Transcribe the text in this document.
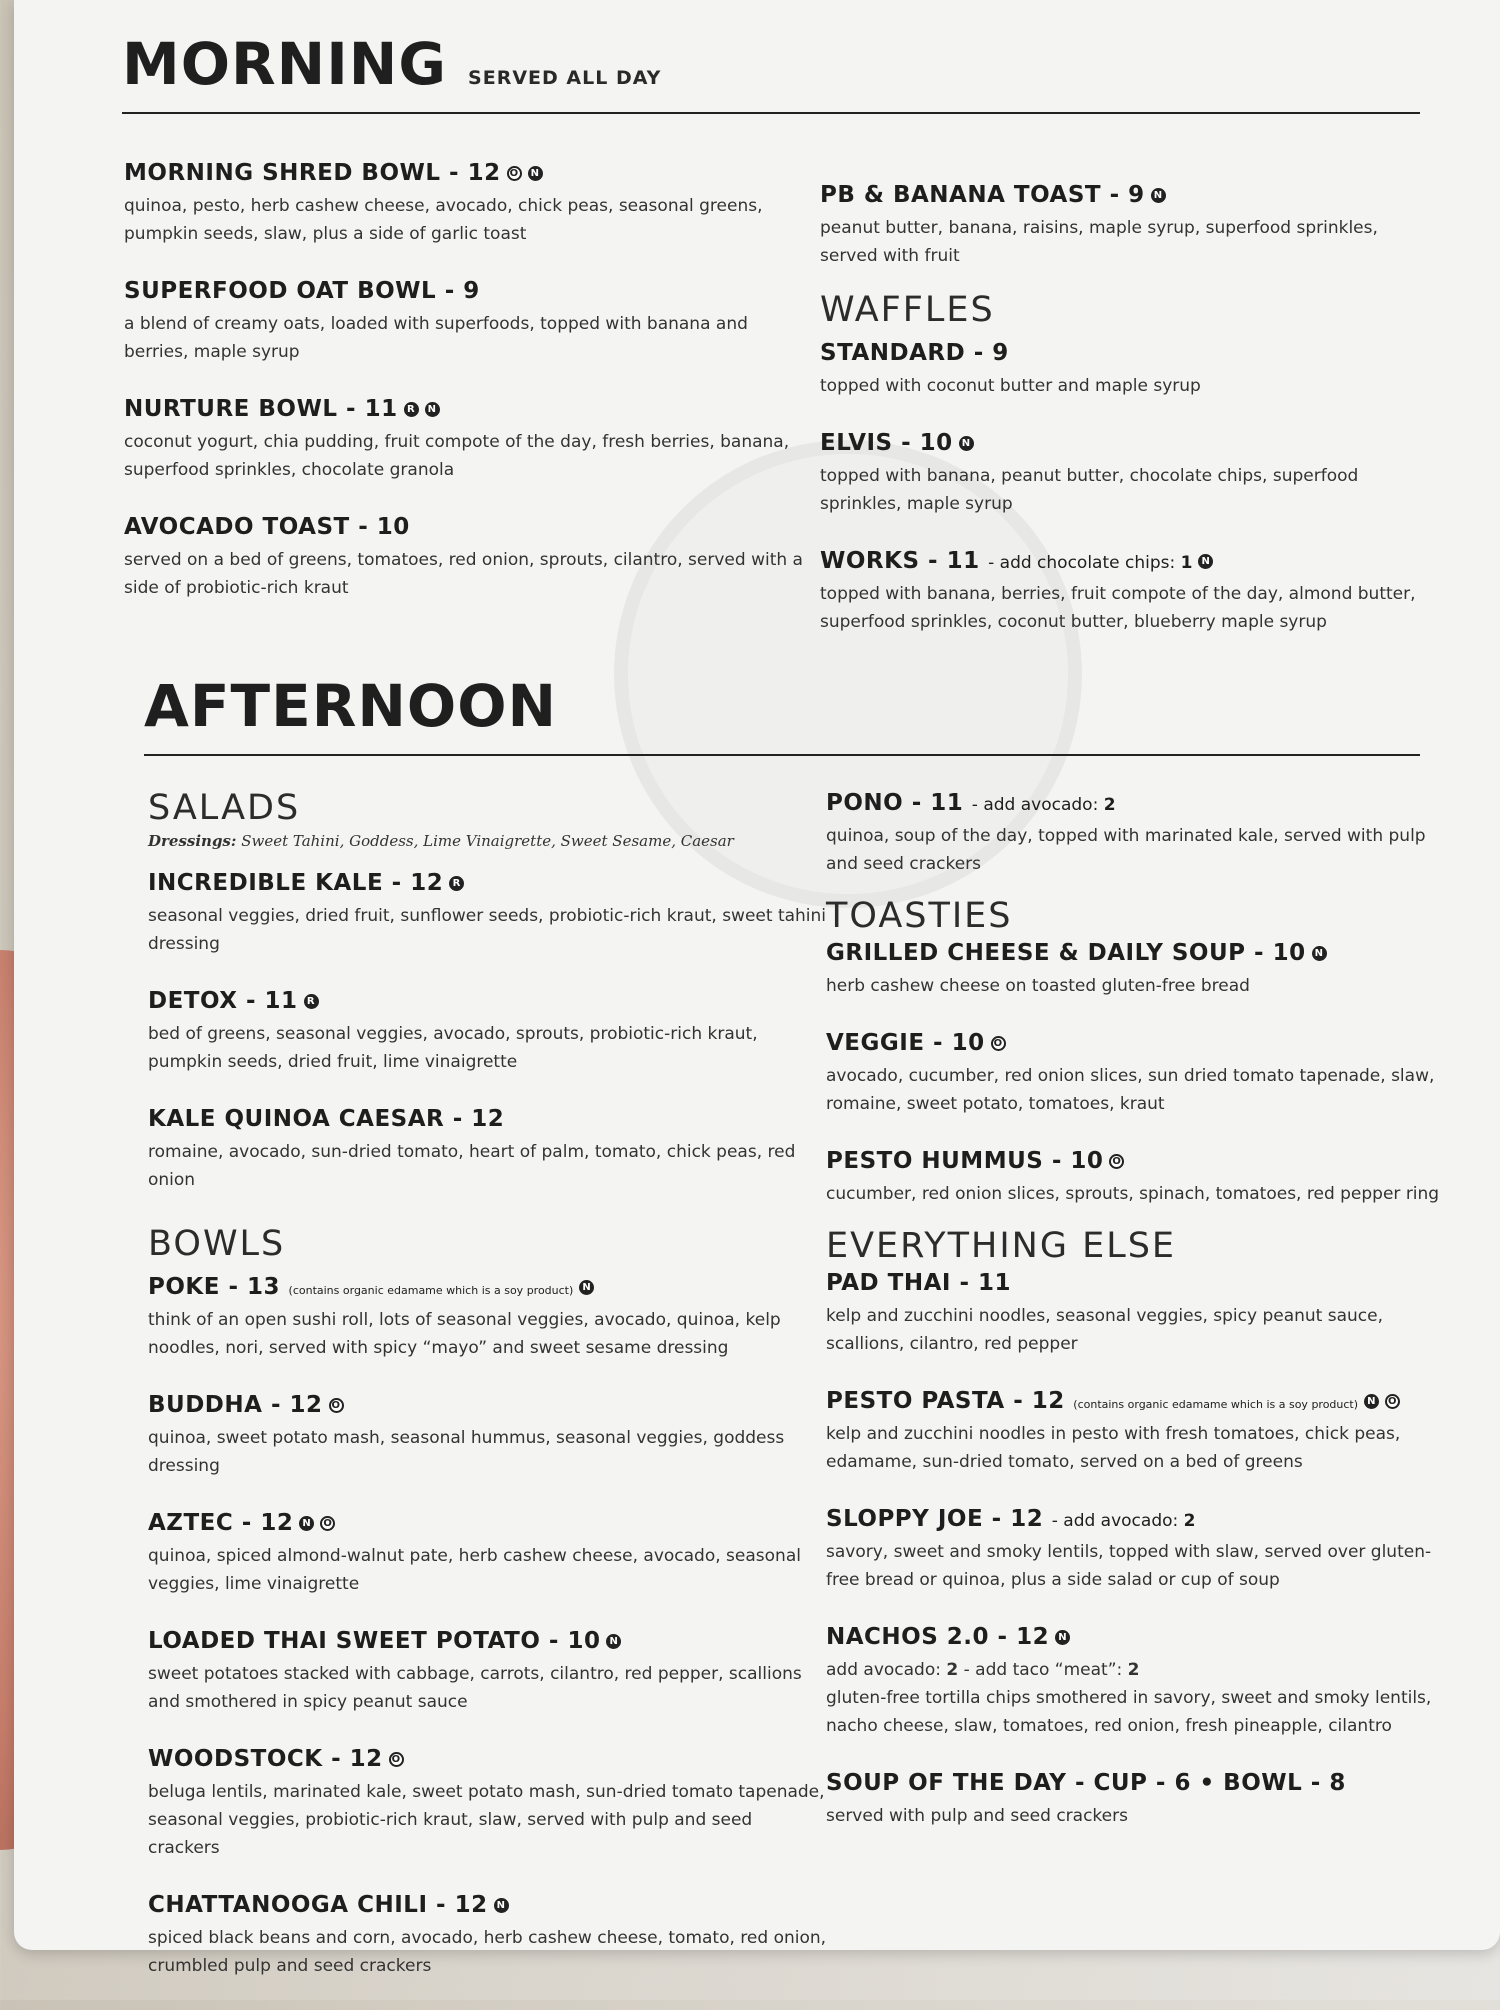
MORNING SERVED ALL DAY
MORNING SHRED BOWL - 12 O N
quinoa, pesto, herb cashew cheese, avocado, chick peas, seasonal greens, pumpkin seeds, slaw, plus a side of garlic toast
SUPERFOOD OAT BOWL - 9
a blend of creamy oats, loaded with superfoods, topped with banana and berries, maple syrup
NURTURE BOWL - 11 R N
coconut yogurt, chia pudding, fruit compote of the day, fresh berries, banana, superfood sprinkles, chocolate granola
AVOCADO TOAST - 10
served on a bed of greens, tomatoes, red onion, sprouts, cilantro, served with a side of probiotic-rich kraut
PB & BANANA TOAST - 9 N
peanut butter, banana, raisins, maple syrup, superfood sprinkles, served with fruit
WAFFLES
STANDARD - 9
topped with coconut butter and maple syrup
ELVIS - 10 N
topped with banana, peanut butter, chocolate chips, superfood sprinkles, maple syrup
WORKS - 11 - add chocolate chips: 1 N
topped with banana, berries, fruit compote of the day, almond butter, superfood sprinkles, coconut butter, blueberry maple syrup
AFTERNOON
SALADS
Dressings: Sweet Tahini, Goddess, Lime Vinaigrette, Sweet Sesame, Caesar
INCREDIBLE KALE - 12 R
seasonal veggies, dried fruit, sunflower seeds, probiotic-rich kraut, sweet tahini dressing
DETOX - 11 R
bed of greens, seasonal veggies, avocado, sprouts, probiotic-rich kraut, pumpkin seeds, dried fruit, lime vinaigrette
KALE QUINOA CAESAR - 12
romaine, avocado, sun-dried tomato, heart of palm, tomato, chick peas, red onion
BOWLS
POKE - 13 (contains organic edamame which is a soy product) N
think of an open sushi roll, lots of seasonal veggies, avocado, quinoa, kelp noodles, nori, served with spicy “mayo” and sweet sesame dressing
BUDDHA - 12 O
quinoa, sweet potato mash, seasonal hummus, seasonal veggies, goddess dressing
AZTEC - 12 N O
quinoa, spiced almond-walnut pate, herb cashew cheese, avocado, seasonal veggies, lime vinaigrette
LOADED THAI SWEET POTATO - 10 N
sweet potatoes stacked with cabbage, carrots, cilantro, red pepper, scallions and smothered in spicy peanut sauce
WOODSTOCK - 12 O
beluga lentils, marinated kale, sweet potato mash, sun-dried tomato tapenade, seasonal veggies, probiotic-rich kraut, slaw, served with pulp and seed crackers
CHATTANOOGA CHILI - 12 N
spiced black beans and corn, avocado, herb cashew cheese, tomato, red onion, crumbled pulp and seed crackers
PONO - 11 - add avocado: 2
quinoa, soup of the day, topped with marinated kale, served with pulp and seed crackers
TOASTIES
GRILLED CHEESE & DAILY SOUP - 10 N
herb cashew cheese on toasted gluten-free bread
VEGGIE - 10 O
avocado, cucumber, red onion slices, sun dried tomato tapenade, slaw, romaine, sweet potato, tomatoes, kraut
PESTO HUMMUS - 10 O
cucumber, red onion slices, sprouts, spinach, tomatoes, red pepper ring
EVERYTHING ELSE
PAD THAI - 11
kelp and zucchini noodles, seasonal veggies, spicy peanut sauce, scallions, cilantro, red pepper
PESTO PASTA - 12 (contains organic edamame which is a soy product) N O
kelp and zucchini noodles in pesto with fresh tomatoes, chick peas, edamame, sun-dried tomato, served on a bed of greens
SLOPPY JOE - 12 - add avocado: 2
savory, sweet and smoky lentils, topped with slaw, served over gluten-free bread or quinoa, plus a side salad or cup of soup
NACHOS 2.0 - 12 N
add avocado: 2 - add taco “meat”: 2
gluten-free tortilla chips smothered in savory, sweet and smoky lentils, nacho cheese, slaw, tomatoes, red onion, fresh pineapple, cilantro
SOUP OF THE DAY - CUP - 6 • BOWL - 8
served with pulp and seed crackers
